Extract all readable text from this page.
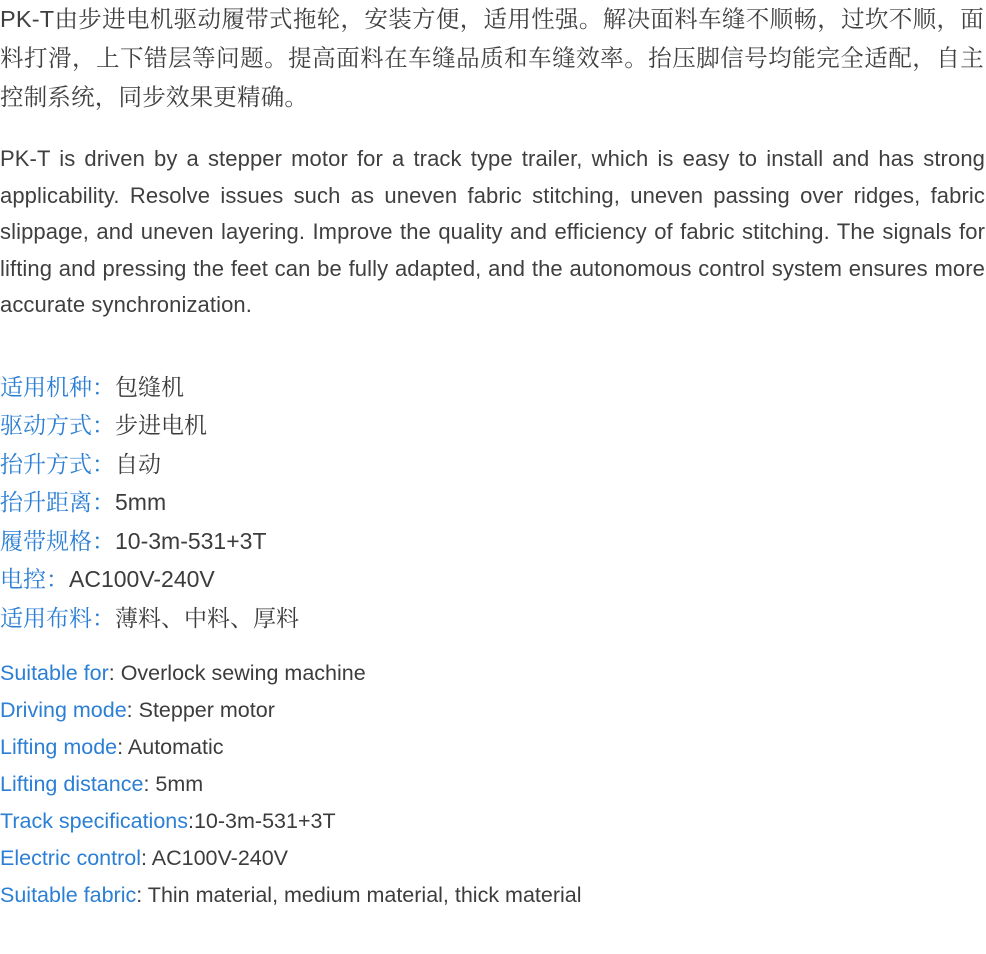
PK-T由步进电机驱动履带式拖轮，安装方便，适用性强。解决面料车缝不顺畅，过坎不顺，面料打滑，上下错层等问题。提高面料在车缝品质和车缝效率。抬压脚信号均能完全适配，自主控制系统，同步效果更精确。

PK-T is driven by a stepper motor for a track type trailer, which is easy to install and has strong applicability. Resolve issues such as uneven fabric stitching, uneven passing over ridges, fabric slippage, and uneven layering. Improve the quality and efficiency of fabric stitching. The signals for lifting and pressing the feet can be fully adapted, and the autonomous control system ensures more accurate synchronization.

适用机种：包缝机
驱动方式：步进电机
抬升方式：自动
抬升距离：5mm
履带规格：10-3m-531+3T
电控：AC100V-240V
适用布料：薄料、中料、厚料
Suitable for: Overlock sewing machine
Driving mode: Stepper motor
Lifting mode: Automatic
Lifting distance: 5mm
Track specifications:10-3m-531+3T
Electric control: AC100V-240V
Suitable fabric: Thin material, medium material, thick material
